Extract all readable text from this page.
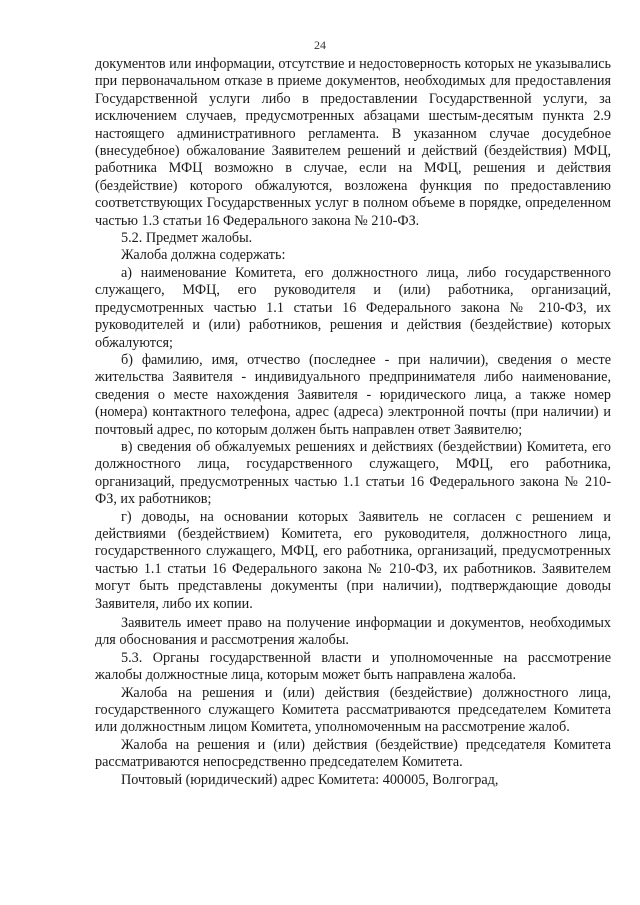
24

документов или информации, отсутствие и недостоверность которых не указывались при первоначальном отказе в приеме документов, необходимых для предоставления Государственной услуги либо в предоставлении Государственной услуги, за исключением случаев, предусмотренных абзацами шестым-десятым пункта 2.9 настоящего административного регламента. В указанном случае досудебное (внесудебное) обжалование Заявителем решений и действий (бездействия) МФЦ, работника МФЦ возможно в случае, если на МФЦ, решения и действия (бездействие) которого обжалуются, возложена функция по предоставлению соответствующих Государственных услуг в полном объеме в порядке, определенном частью 1.3 статьи 16 Федерального закона № 210-ФЗ.

5.2. Предмет жалобы.

Жалоба должна содержать:

а) наименование Комитета, его должностного лица, либо государственного служащего, МФЦ, его руководителя и (или) работника, организаций, предусмотренных частью 1.1 статьи 16 Федерального закона № 210-ФЗ, их руководителей и (или) работников, решения и действия (бездействие) которых обжалуются;

б) фамилию, имя, отчество (последнее - при наличии), сведения о месте жительства Заявителя - индивидуального предпринимателя либо наименование, сведения о месте нахождения Заявителя - юридического лица, а также номер (номера) контактного телефона, адрес (адреса) электронной почты (при наличии) и почтовый адрес, по которым должен быть направлен ответ Заявителю;

в) сведения об обжалуемых решениях и действиях (бездействии) Комитета, его должностного лица, государственного служащего, МФЦ, его работника, организаций, предусмотренных частью 1.1 статьи 16 Федерального закона № 210-ФЗ, их работников;

г) доводы, на основании которых Заявитель не согласен с решением и действиями (бездействием) Комитета, его руководителя, должностного лица, государственного служащего, МФЦ, его работника, организаций, предусмотренных частью 1.1 статьи 16 Федерального закона № 210-ФЗ, их работников. Заявителем могут быть представлены документы (при наличии), подтверждающие доводы Заявителя, либо их копии.

Заявитель имеет право на получение информации и документов, необходимых для обоснования и рассмотрения жалобы.

5.3. Органы государственной власти и уполномоченные на рассмотрение жалобы должностные лица, которым может быть направлена жалоба.

Жалоба на решения и (или) действия (бездействие) должностного лица, государственного служащего Комитета рассматриваются председателем Комитета или должностным лицом Комитета, уполномоченным на рассмотрение жалоб.

Жалоба на решения и (или) действия (бездействие) председателя Комитета рассматриваются непосредственно председателем Комитета.

Почтовый (юридический) адрес Комитета: 400005, Волгоград,
